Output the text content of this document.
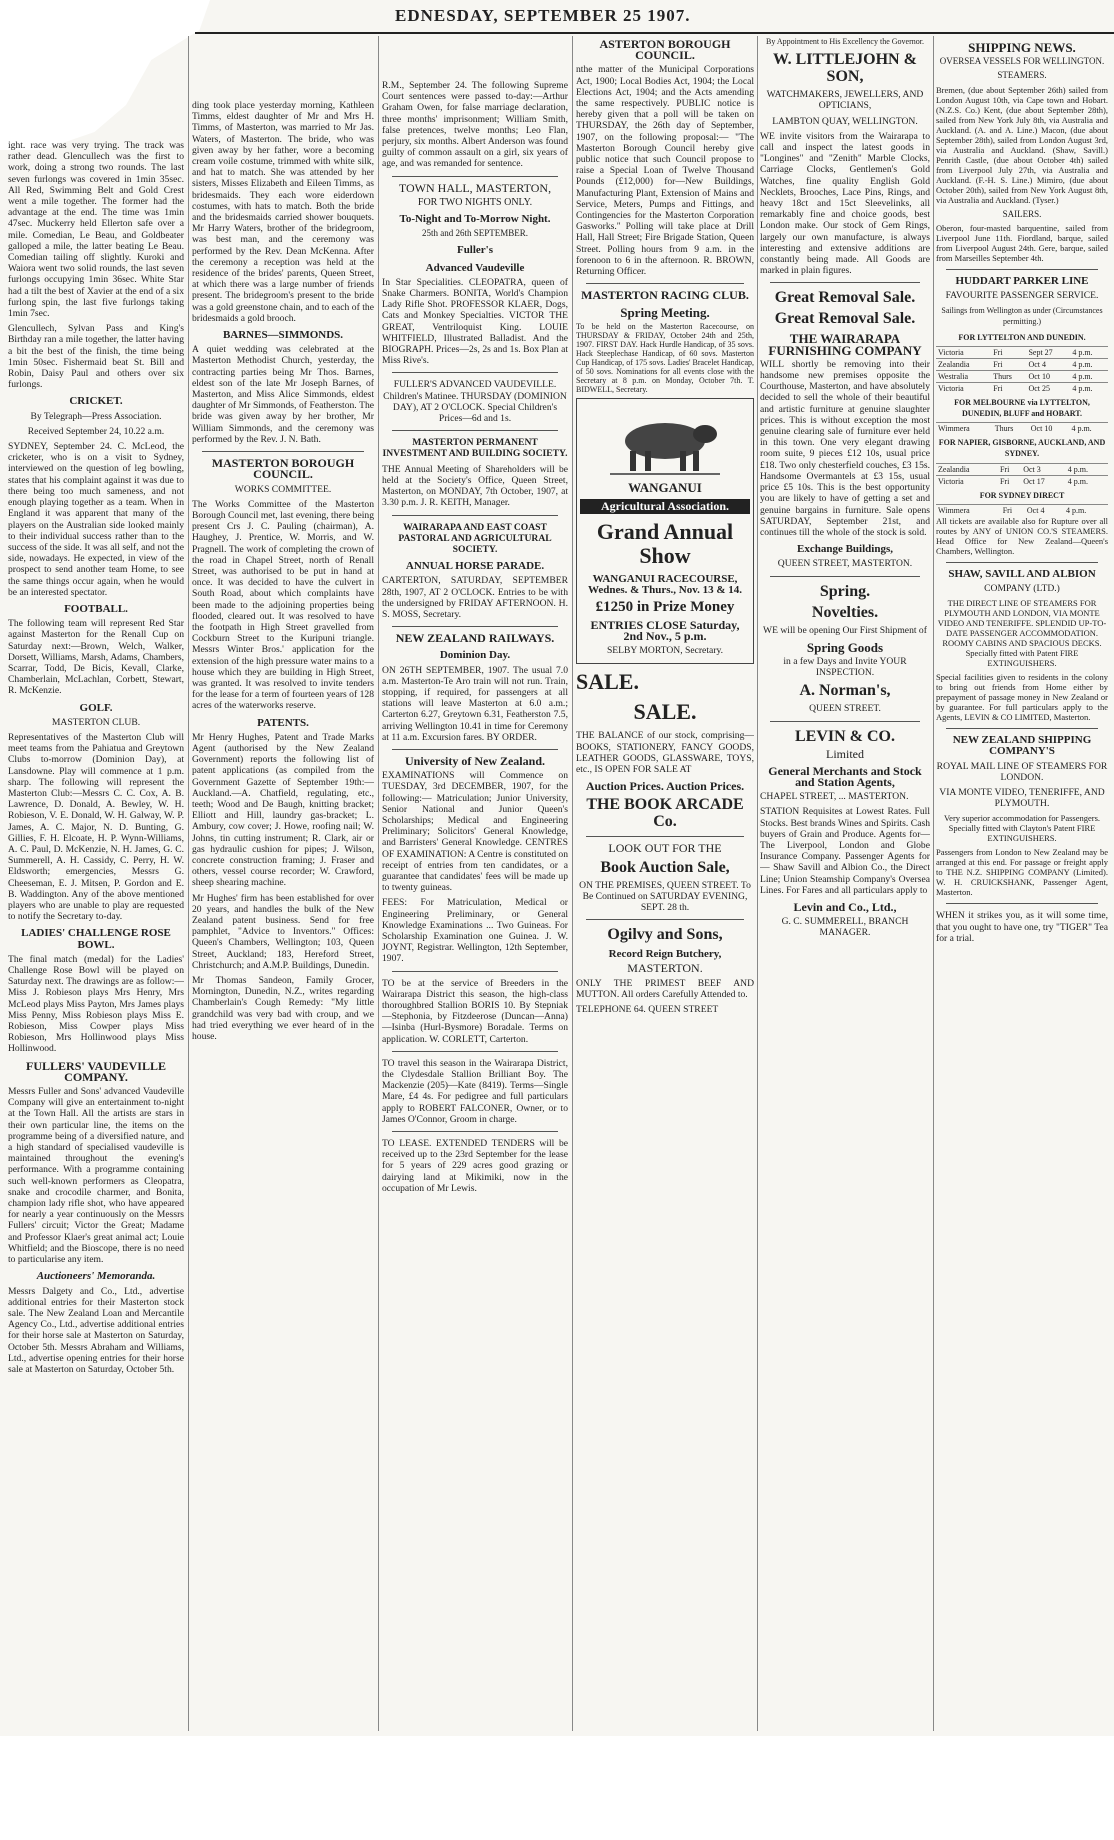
EDNESDAY, SEPTEMBER 25 1907.

ight. race was very trying. The track was rather dead. Glencullech was the first to work, doing a strong two rounds. The last seven furlongs was covered in 1min 35sec. All Red, Swimming Belt and Gold Crest went a mile together. The former had the advantage at the end. The time was 1min 47sec. Muckerry held Ellerton safe over a mile. Comedian, Le Beau, and Goldbeater galloped a mile, the latter beating Le Beau. Comedian tailing off slightly. Kuroki and Waiora went two solid rounds, the last seven furlongs occupying 1min 36sec. White Star had a tilt the best of Xavier at the end of a six furlong spin, the last five furlongs taking 1min 7sec.

Glencullech, Sylvan Pass and King's Birthday ran a mile together, the latter having a bit the best of the finish, the time being 1min 50sec. Fishermaid beat St. Bill and Robin, Daisy Paul and others over six furlongs.

CRICKET.

By Telegraph—Press Association.

Received September 24, 10.22 a.m.

SYDNEY, September 24. C. McLeod, the cricketer, who is on a visit to Sydney, interviewed on the question of leg bowling, states that his complaint against it was due to there being too much sameness, and not enough playing together as a team. When in England it was apparent that many of the players on the Australian side looked mainly to their individual success rather than to the success of the side. It was all self, and not the side, nowadays. He expected, in view of the prospect to send another team Home, to see the same things occur again, when he would be an interested spectator.

FOOTBALL.

The following team will represent Red Star against Masterton for the Renall Cup on Saturday next:—Brown, Welch, Walker, Dorsett, Williams, Marsh, Adams, Chambers, Scarrar, Todd, De Bicis, Kevall, Clarke, Chamberlain, McLachlan, Corbett, Stewart, R. McKenzie.

GOLF.

MASTERTON CLUB.

Representatives of the Masterton Club will meet teams from the Pahiatua and Greytown Clubs to-morrow (Dominion Day), at Lansdowne. Play will commence at 1 p.m. sharp. The following will represent the Masterton Club:—Messrs C. C. Cox, A. B. Lawrence, D. Donald, A. Bewley, W. H. Robieson, V. E. Donald, W. H. Galway, W. P. James, A. C. Major, N. D. Bunting, G. Gillies, F. H. Elcoate, H. P. Wynn-Williams, A. C. Paul, D. McKenzie, N. H. James, G. C. Summerell, A. H. Cassidy, C. Perry, H. W. Eldsworth; emergencies, Messrs G. Cheeseman, E. J. Mitsen, P. Gordon and E. B. Waddington. Any of the above mentioned players who are unable to play are requested to notify the Secretary to-day.

LADIES' CHALLENGE ROSE BOWL.

The final match (medal) for the Ladies' Challenge Rose Bowl will be played on Saturday next. The drawings are as follow:—Miss J. Robieson plays Mrs Henry, Mrs McLeod plays Miss Payton, Mrs James plays Miss Penny, Miss Robieson plays Miss E. Robieson, Miss Cowper plays Miss Robieson, Mrs Hollinwood plays Miss Hollinwood.

FULLERS' VAUDEVILLE COMPANY.

Messrs Fuller and Sons' advanced Vaudeville Company will give an entertainment to-night at the Town Hall. All the artists are stars in their own particular line, the items on the programme being of a diversified nature, and a high standard of specialised vaudeville is maintained throughout the evening's performance. With a programme containing such well-known performers as Cleopatra, snake and crocodile charmer, and Bonita, champion lady rifle shot, who have appeared for nearly a year continuously on the Messrs Fullers' circuit; Victor the Great; Madame and Professor Klaer's great animal act; Louie Whitfield; and the Bioscope, there is no need to particularise any item.

Auctioneers' Memoranda.

Messrs Dalgety and Co., Ltd., advertise additional entries for their Masterton stock sale. The New Zealand Loan and Mercantile Agency Co., Ltd., advertise additional entries for their horse sale at Masterton on Saturday, October 5th. Messrs Abraham and Williams, Ltd., advertise opening entries for their horse sale at Masterton on Saturday, October 5th.

ding took place yesterday morning, Kathleen Timms, eldest daughter of Mr and Mrs H. Timms, of Masterton, was married to Mr Jas. Waters, of Masterton. The bride, who was given away by her father, wore a becoming cream voile costume, trimmed with white silk, and hat to match. She was attended by her sisters, Misses Elizabeth and Eileen Timms, as bridesmaids. They each wore eiderdown costumes, with hats to match. Both the bride and the bridesmaids carried shower bouquets. Mr Harry Waters, brother of the bridegroom, was best man, and the ceremony was performed by the Rev. Dean McKenna. After the ceremony a reception was held at the residence of the brides' parents, Queen Street, at which there was a large number of friends present. The bridegroom's present to the bride was a gold greenstone chain, and to each of the bridesmaids a gold brooch.

BARNES—SIMMONDS.

A quiet wedding was celebrated at the Masterton Methodist Church, yesterday, the contracting parties being Mr Thos. Barnes, eldest son of the late Mr Joseph Barnes, of Masterton, and Miss Alice Simmonds, eldest daughter of Mr Simmonds, of Featherston. The bride was given away by her brother, Mr William Simmonds, and the ceremony was performed by the Rev. J. N. Bath.

MASTERTON BOROUGH COUNCIL.

WORKS COMMITTEE.

The Works Committee of the Masterton Borough Council met, last evening, there being present Crs J. C. Pauling (chairman), A. Haughey, J. Prentice, W. Morris, and W. Pragnell. The work of completing the crown of the road in Chapel Street, north of Renall Street, was authorised to be put in hand at once. It was decided to have the culvert in South Road, about which complaints have been made to the adjoining properties being flooded, cleared out. It was resolved to have the footpath in High Street gravelled from Cockburn Street to the Kuripuni triangle. Messrs Winter Bros.' application for the extension of the high pressure water mains to a house which they are building in High Street, was granted. It was resolved to invite tenders for the lease for a term of fourteen years of 128 acres of the waterworks reserve.

PATENTS.

Mr Henry Hughes, Patent and Trade Marks Agent (authorised by the New Zealand Government) reports the following list of patent applications (as compiled from the Government Gazette of September 19th:— Auckland.—A. Chatfield, regulating, etc., teeth; Wood and De Baugh, knitting bracket; Elliott and Hill, laundry gas-bracket; L. Ambury, cow cover; J. Howe, roofing nail; W. Johns, tin cutting instrument; R. Clark, air or gas hydraulic cushion for pipes; J. Wilson, concrete construction framing; J. Fraser and others, vessel course recorder; W. Crawford, sheep shearing machine.

Mr Hughes' firm has been established for over 20 years, and handles the bulk of the New Zealand patent business. Send for free pamphlet, "Advice to Inventors." Offices: Queen's Chambers, Wellington; 103, Queen Street, Auckland; 183, Hereford Street, Christchurch; and A.M.P. Buildings, Dunedin.

Mr Thomas Sandeon, Family Grocer, Mornington, Dunedin, N.Z., writes regarding Chamberlain's Cough Remedy: "My little grandchild was very bad with croup, and we had tried everything we ever heard of in the house.

R.M., September 24. The following Supreme Court sentences were passed to-day:—Arthur Graham Owen, for false marriage declaration, three months' imprisonment; William Smith, false pretences, twelve months; Leo Flan, perjury, six months. Albert Anderson was found guilty of common assault on a girl, six years of age, and was remanded for sentence.

TOWN HALL, MASTERTON,
FOR TWO NIGHTS ONLY.
To-Night and To-Morrow Night.
25th and 26th SEPTEMBER.
Fuller's
Advanced Vaudeville

In Star Specialities. CLEOPATRA, queen of Snake Charmers. BONITA, World's Champion Lady Rifle Shot. PROFESSOR KLAER, Dogs, Cats and Monkey Specialties. VICTOR THE GREAT, Ventriloquist King. LOUIE WHITFIELD, Illustrated Balladist. And the BIOGRAPH. Prices—2s, 2s and 1s. Box Plan at Miss Rive's.

FULLER'S ADVANCED VAUDEVILLE. Children's Matinee. THURSDAY (DOMINION DAY), AT 2 O'CLOCK. Special Children's Prices—6d and 1s.

MASTERTON PERMANENT INVESTMENT AND BUILDING SOCIETY.

THE Annual Meeting of Shareholders will be held at the Society's Office, Queen Street, Masterton, on MONDAY, 7th October, 1907, at 3.30 p.m. J. R. KEITH, Manager.

WAIRARAPA AND EAST COAST PASTORAL AND AGRICULTURAL SOCIETY.

ANNUAL HORSE PARADE.

CARTERTON, SATURDAY, SEPTEMBER 28th, 1907, AT 2 O'CLOCK. Entries to be with the undersigned by FRIDAY AFTERNOON. H. S. MOSS, Secretary.

NEW ZEALAND RAILWAYS.
Dominion Day.

ON 26TH SEPTEMBER, 1907. The usual 7.0 a.m. Masterton-Te Aro train will not run. Train, stopping, if required, for passengers at all stations will leave Masterton at 6.0 a.m.; Carterton 6.27, Greytown 6.31, Featherston 7.5, arriving Wellington 10.41 in time for Ceremony at 11 a.m. Excursion fares. BY ORDER.

University of New Zealand.

EXAMINATIONS will Commence on TUESDAY, 3rd DECEMBER, 1907, for the following:— Matriculation; Junior University, Senior National and Junior Queen's Scholarships; Medical and Engineering Preliminary; Solicitors' General Knowledge, and Barristers' General Knowledge. CENTRES OF EXAMINATION: A Centre is constituted on receipt of entries from ten candidates, or a guarantee that candidates' fees will be made up to twenty guineas.

FEES: For Matriculation, Medical or Engineering Preliminary, or General Knowledge Examinations ... Two Guineas. For Scholarship Examination one Guinea. J. W. JOYNT, Registrar. Wellington, 12th September, 1907.

TO be at the service of Breeders in the Wairarapa District this season, the high-class thoroughbred Stallion BORIS 10. By Stepniak—Stephonia, by Fitzdeerose (Duncan—Anna)—Isinba (Hurl-Bysmore) Boradale. Terms on application. W. CORLETT, Carterton.

TO travel this season in the Wairarapa District, the Clydesdale Stallion Brilliant Boy. The Mackenzie (205)—Kate (8419). Terms—Single Mare, £4 4s. For pedigree and full particulars apply to ROBERT FALCONER, Owner, or to James O'Connor, Groom in charge.

TO LEASE. EXTENDED TENDERS will be received up to the 23rd September for the lease for 5 years of 229 acres good grazing or dairying land at Mikimiki, now in the occupation of Mr Lewis.

ASTERTON BOROUGH COUNCIL.

nthe matter of the Municipal Corporations Act, 1900; Local Bodies Act, 1904; the Local Elections Act, 1904; and the Acts amending the same respectively. PUBLIC notice is hereby given that a poll will be taken on THURSDAY, the 26th day of September, 1907, on the following proposal:— "The Masterton Borough Council hereby give public notice that such Council propose to raise a Special Loan of Twelve Thousand Pounds (£12,000) for—New Buildings, Manufacturing Plant, Extension of Mains and Service, Meters, Pumps and Fittings, and Contingencies for the Masterton Corporation Gasworks." Polling will take place at Drill Hall, Hall Street; Fire Brigade Station, Queen Street. Polling hours from 9 a.m. in the forenoon to 6 in the afternoon. R. BROWN, Returning Officer.

MASTERTON RACING CLUB.
Spring Meeting.

To be held on the Masterton Racecourse, on THURSDAY & FRIDAY, October 24th and 25th, 1907. FIRST DAY. Hack Hurdle Handicap, of 35 sovs. Hack Steeplechase Handicap, of 60 sovs. Masterton Cup Handicap, of 175 sovs. Ladies' Bracelet Handicap, of 50 sovs. Nominations for all events close with the Secretary at 8 p.m. on Monday, October 7th. T. BIDWELL, Secretary.

WANGANUI
Agricultural Association.
Grand Annual Show
WANGANUI RACECOURSE, Wednes. & Thurs., Nov. 13 & 14.
£1250 in Prize Money
ENTRIES CLOSE Saturday, 2nd Nov., 5 p.m.

SELBY MORTON, Secretary.

SALE.
SALE.

THE BALANCE of our stock, comprising— BOOKS, STATIONERY, FANCY GOODS, LEATHER GOODS, GLASSWARE, TOYS, etc., IS OPEN FOR SALE AT

Auction Prices. Auction Prices.
THE BOOK ARCADE Co.
LOOK OUT FOR THE
Book Auction Sale,

ON THE PREMISES, QUEEN STREET. To Be Continued on SATURDAY EVENING, SEPT. 28 th.

Ogilvy and Sons,
Record Reign Butchery,
MASTERTON.

ONLY THE PRIMEST BEEF AND MUTTON. All orders Carefully Attended to.

TELEPHONE 64. QUEEN STREET

By Appointment to His Excellency the Governor.

W. LITTLEJOHN & SON,

WATCHMAKERS, JEWELLERS, AND OPTICIANS,

LAMBTON QUAY, WELLINGTON.

WE invite visitors from the Wairarapa to call and inspect the latest goods in "Longines" and "Zenith" Marble Clocks, Carriage Clocks, Gentlemen's Gold Watches, fine quality English Gold Necklets, Brooches, Lace Pins, Rings, and heavy 18ct and 15ct Sleevelinks, all remarkably fine and choice goods, best London make. Our stock of Gem Rings, largely our own manufacture, is always interesting and extensive additions are constantly being made. All Goods are marked in plain figures.

Great Removal Sale.
Great Removal Sale.
THE WAIRARAPA FURNISHING COMPANY

WILL shortly be removing into their handsome new premises opposite the Courthouse, Masterton, and have absolutely decided to sell the whole of their beautiful and artistic furniture at genuine slaughter prices. This is without exception the most genuine clearing sale of furniture ever held in this town. One very elegant drawing room suite, 9 pieces £12 10s, usual price £18. Two only chesterfield couches, £3 15s. Handsome Overmantels at £3 15s, usual price £5 10s. This is the best opportunity you are likely to have of getting a set and genuine bargains in furniture. Sale opens SATURDAY, September 21st, and continues till the whole of the stock is sold.

Exchange Buildings,

QUEEN STREET, MASTERTON.

Spring.
Novelties.

WE will be opening Our First Shipment of

Spring Goods

in a few Days and Invite YOUR INSPECTION.

A. Norman's,

QUEEN STREET.

LEVIN & CO.
Limited
General Merchants and Stock and Station Agents,

CHAPEL STREET, ... MASTERTON.

STATION Requisites at Lowest Rates. Full Stocks. Best brands Wines and Spirits. Cash buyers of Grain and Produce. Agents for— The Liverpool, London and Globe Insurance Company. Passenger Agents for— Shaw Savill and Albion Co., the Direct Line; Union Steamship Company's Oversea Lines. For Fares and all particulars apply to

Levin and Co., Ltd.,

G. C. SUMMERELL, BRANCH MANAGER.

SHIPPING NEWS.
OVERSEA VESSELS FOR WELLINGTON.
STEAMERS.

Bremen, (due about September 26th) sailed from London August 10th, via Cape town and Hobart. (N.Z.S. Co.) Kent, (due about September 28th), sailed from New York July 8th, via Australia and Auckland. (A. and A. Line.) Macon, (due about September 28th), sailed from London August 3rd, via Australia and Auckland. (Shaw, Savill.) Penrith Castle, (due about October 4th) sailed from Liverpool July 27th, via Australia and Auckland. (F.-H. S. Line.) Mimiro, (due about October 20th), sailed from New York August 8th, via Australia and Auckland. (Tyser.)

SAILERS.

Oberon, four-masted barquentine, sailed from Liverpool June 11th. Fiordland, barque, sailed from Liverpool August 24th. Gere, barque, sailed from Marseilles September 4th.

HUDDART PARKER LINE

FAVOURITE PASSENGER SERVICE.

Sailings from Wellington as under (Circumstances permitting.)

FOR LYTTELTON AND DUNEDIN.
Victoria	Fri	Sept 27	4 p.m.
Zealandia	Fri	Oct 4	4 p.m.
Westralia	Thurs	Oct 10	4 p.m.
Victoria	Fri	Oct 25	4 p.m.
FOR MELBOURNE via LYTTELTON, DUNEDIN, BLUFF and HOBART.
Wimmera	Thurs	Oct 10	4 p.m.
FOR NAPIER, GISBORNE, AUCKLAND, AND SYDNEY.
Zealandia	Fri	Oct 3	4 p.m.
Victoria	Fri	Oct 17	4 p.m.
FOR SYDNEY DIRECT
Wimmera	Fri	Oct 4	4 p.m.

All tickets are available also for Rupture over all routes by ANY of UNION CO.'S STEAMERS. Head Office for New Zealand—Queen's Chambers, Wellington.

SHAW, SAVILL AND ALBION

COMPANY (LTD.)

THE DIRECT LINE OF STEAMERS FOR PLYMOUTH AND LONDON, VIA MONTE VIDEO AND TENERIFFE. SPLENDID UP-TO-DATE PASSENGER ACCOMMODATION. ROOMY CABINS AND SPACIOUS DECKS. Specially fitted with Patent FIRE EXTINGUISHERS.

Special facilities given to residents in the colony to bring out friends from Home either by prepayment of passage money in New Zealand or by guarantee. For full particulars apply to the Agents, LEVIN & CO LIMITED, Masterton.

NEW ZEALAND SHIPPING COMPANY'S

ROYAL MAIL LINE OF STEAMERS FOR LONDON.

VIA MONTE VIDEO, TENERIFFE, AND PLYMOUTH.

Very superior accommodation for Passengers. Specially fitted with Clayton's Patent FIRE EXTINGUISHERS.

Passengers from London to New Zealand may be arranged at this end. For passage or freight apply to THE N.Z. SHIPPING COMPANY (Limited). W. H. CRUICKSHANK, Passenger Agent, Masterton.

WHEN it strikes you, as it will some time, that you ought to have one, try "TIGER" Tea for a trial.
